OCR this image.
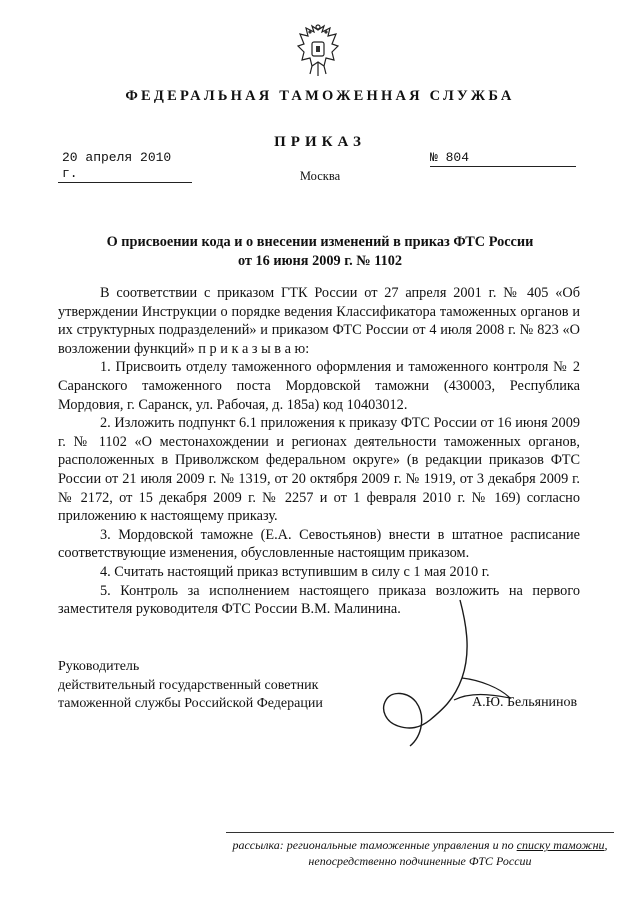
ФЕДЕРАЛЬНАЯ ТАМОЖЕННАЯ СЛУЖБА
ПРИКАЗ
20 апреля 2010 г.
№ 804
Москва
О присвоении кода и о внесении изменений в приказ ФТС России
от 16 июня 2009 г. № 1102

В соответствии с приказом ГТК России от 27 апреля 2001 г. № 405 «Об утверждении Инструкции о порядке ведения Классификатора таможенных органов и их структурных подразделений» и приказом ФТС России от 4 июля 2008 г. № 823 «О возложении функций» п р и к а з ы в а ю:

1. Присвоить отделу таможенного оформления и таможенного контроля № 2 Саранского таможенного поста Мордовской таможни (430003, Республика Мордовия, г. Саранск, ул. Рабочая, д. 185а) код 10403012.

2. Изложить подпункт 6.1 приложения к приказу ФТС России от 16 июня 2009 г. № 1102 «О местонахождении и регионах деятельности таможенных органов, расположенных в Приволжском федеральном округе» (в редакции приказов ФТС России от 21 июля 2009 г. № 1319, от 20 октября 2009 г. № 1919, от 3 декабря 2009 г. № 2172, от 15 декабря 2009 г. № 2257 и от 1 февраля 2010 г. № 169) согласно приложению к настоящему приказу.

3. Мордовской таможне (Е.А. Севостьянов) внести в штатное расписание соответствующие изменения, обусловленные настоящим приказом.

4. Считать настоящий приказ вступившим в силу с 1 мая 2010 г.

5. Контроль за исполнением настоящего приказа возложить на первого заместителя руководителя ФТС России В.М. Малинина.

Руководитель
действительный государственный советник
таможенной службы Российской Федерации	А.Ю. Бельянинов
рассылка: региональные таможенные управления и по списку таможни,
непосредственно подчиненные ФТС России
